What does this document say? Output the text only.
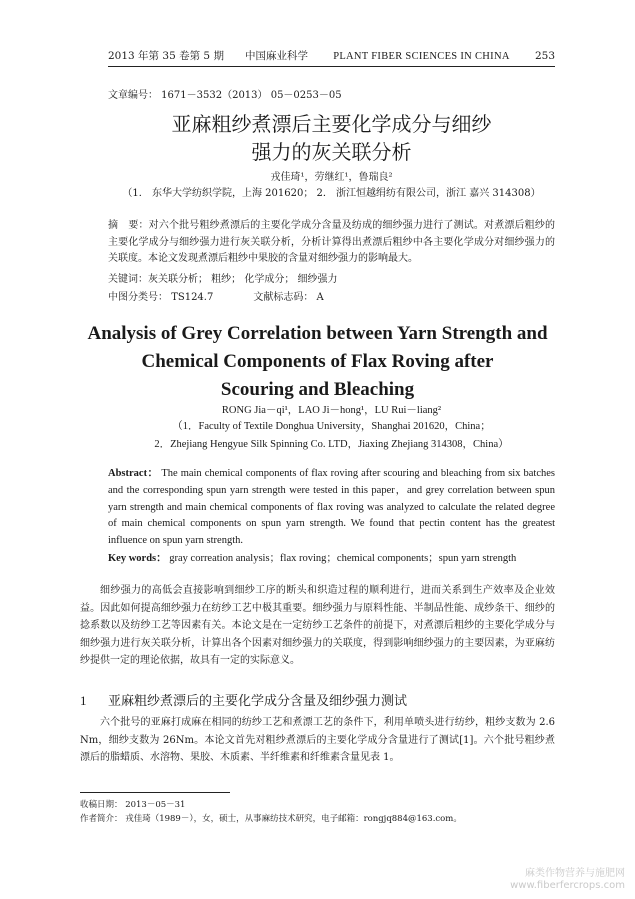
2013 年第 35 卷第 5 期　　中国麻业科学 PLANT FIBER SCIENCES IN CHINA 253
文章编号： 1671－3532（2013） 05－0253－05
亚麻粗纱煮漂后主要化学成分与细纱
强力的灰关联分析
戎佳琦¹，劳继红¹，鲁瑞良²
（1． 东华大学纺织学院，上海 201620； 2． 浙江恒越绢纺有限公司，浙江 嘉兴 314308）
摘　要：对六个批号粗纱煮漂后的主要化学成分含量及纺成的细纱强力进行了测试。对煮漂后粗纱的主要化学成分与细纱强力进行灰关联分析，分析计算得出煮漂后粗纱中各主要化学成分对细纱强力的关联度。本论文发现煮漂后粗纱中果胶的含量对细纱强力的影响最大。
关键词：灰关联分析； 粗纱； 化学成分； 细纱强力
中图分类号： TS124.7	文献标志码： A
Analysis of Grey Correlation between Yarn Strength and
Chemical Components of Flax Roving after
Scouring and Bleaching
RONG Jia－qi¹，LAO Ji－hong¹，LU Rui－liang²
（1．Faculty of Textile Donghua University，Shanghai 201620，China；
2．Zhejiang Hengyue Silk Spinning Co. LTD，Jiaxing Zhejiang 314308，China）
Abstract： The main chemical components of flax roving after scouring and bleaching from six batches and the corresponding spun yarn strength were tested in this paper，and grey correlation between spun yarn strength and main chemical components of flax roving was analyzed to calculate the related degree of main chemical components on spun yarn strength. We found that pectin content has the greatest influence on spun yarn strength.
Key words： gray correation analysis；flax roving；chemical components；spun yarn strength
细纱强力的高低会直接影响到细纱工序的断头和织造过程的顺利进行，进而关系到生产效率及企业效益。因此如何提高细纱强力在纺纱工艺中极其重要。细纱强力与原料性能、半制品性能、成纱条干、细纱的捻系数以及纺纱工艺等因素有关。本论文是在一定纺纱工艺条件的前提下，对煮漂后粗纱的主要化学成分与细纱强力进行灰关联分析，计算出各个因素对细纱强力的关联度，得到影响细纱强力的主要因素，为亚麻纺纱提供一定的理论依据，故具有一定的实际意义。
1 亚麻粗纱煮漂后的主要化学成分含量及细纱强力测试
六个批号的亚麻打成麻在相同的纺纱工艺和煮漂工艺的条件下，利用单喷头进行纺纱，粗纱支数为 2.6 Nm，细纱支数为 26Nm。本论文首先对粗纱煮漂后的主要化学成分含量进行了测试[1]。六个批号粗纱煮漂后的脂蜡质、水溶物、果胶、木质素、半纤维素和纤维素含量见表 1。
收稿日期： 2013－05－31
作者简介： 戎佳琦（1989－），女，硕士，从事麻纺技术研究，电子邮箱：rongjq884@163.com。
麻类作物营养与施肥网
www.fiberfercrops.com
